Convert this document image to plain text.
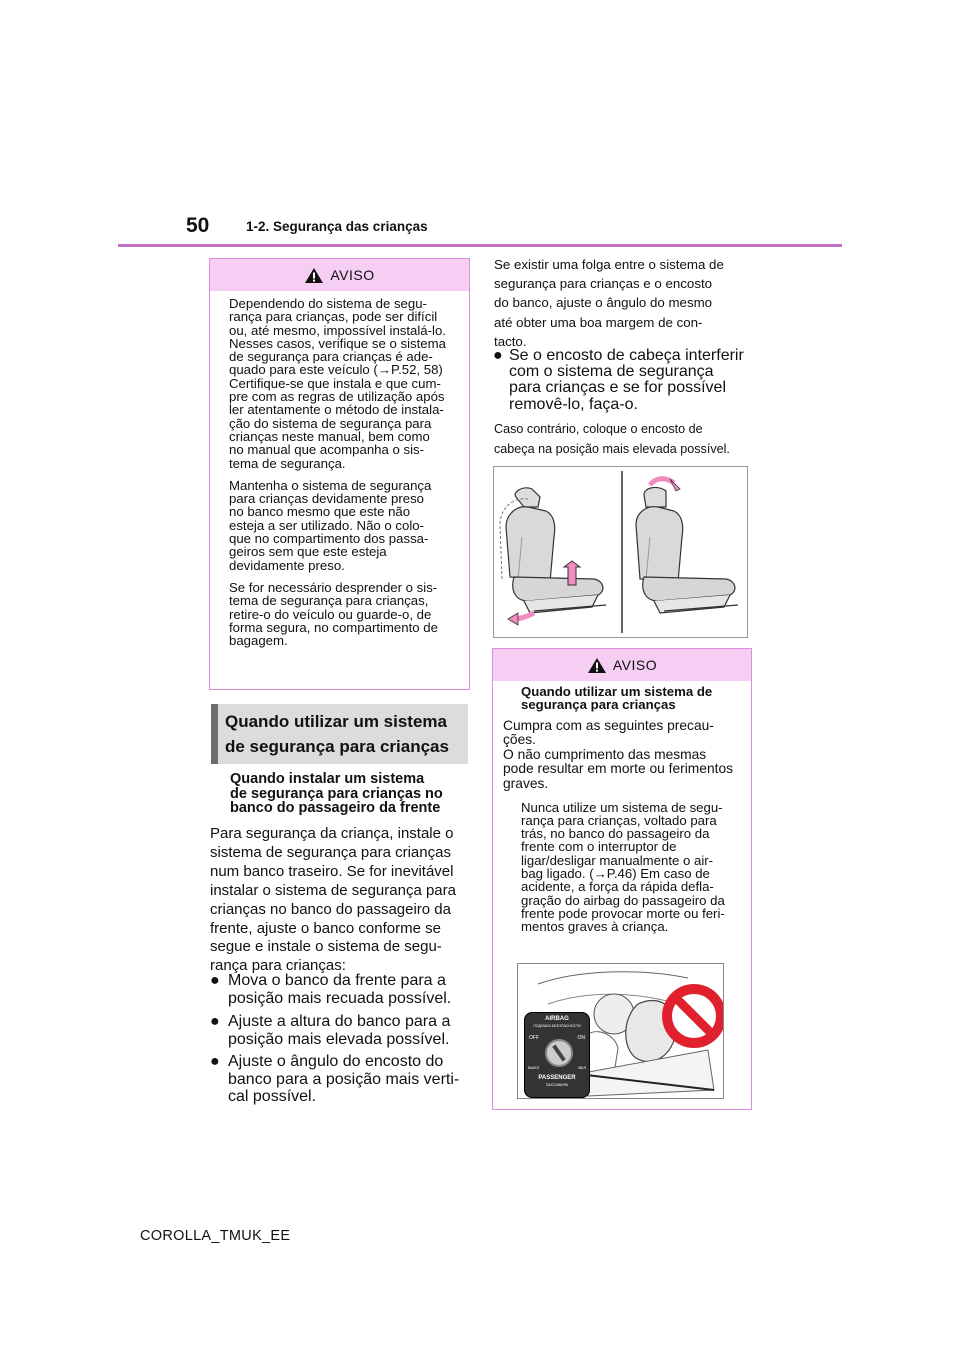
50	1-2. Segurança das crianças
AVISO

Dependendo do sistema de segu-
rança para crianças, pode ser difícil
ou, até mesmo, impossível instalá-lo.
Nesses casos, verifique se o sistema
de segurança para crianças é ade-
quado para este veículo (→P.52, 58)
Certifique-se que instala e que cum-
pre com as regras de utilização após
ler atentamente o método de instala-
ção do sistema de segurança para
crianças neste manual, bem como
no manual que acompanha o sis-
tema de segurança.

Mantenha o sistema de segurança
para crianças devidamente preso
no banco mesmo que este não
esteja a ser utilizado. Não o colo-
que no compartimento dos passa-
geiros sem que este esteja
devidamente preso.

Se for necessário desprender o sis-
tema de segurança para crianças,
retire-o do veículo ou guarde-o, de
forma segura, no compartimento de
bagagem.

Quando utilizar um sistema
de segurança para crianças
Quando instalar um sistema
de segurança para crianças no
banco do passageiro da frente
Para segurança da criança, instale o
sistema de segurança para crianças
num banco traseiro. Se for inevitável
instalar o sistema de segurança para
crianças no banco do passageiro da
frente, ajuste o banco conforme se
segue e instale o sistema de segu-
rança para crianças:
● Mova o banco da frente para a
posição mais recuada possível.
● Ajuste a altura do banco para a
posição mais elevada possível.
● Ajuste o ângulo do encosto do
banco para a posição mais verti-
cal possível.
Se existir uma folga entre o sistema de
segurança para crianças e o encosto
do banco, ajuste o ângulo do mesmo
até obter uma boa margem de con-
tacto.
● Se o encosto de cabeça interferir
com o sistema de segurança
para crianças e se for possível
removê-lo, faça-o.
Caso contrário, coloque o encosto de
cabeça na posição mais elevada possível.
AVISO

Quando utilizar um sistema de
segurança para crianças

Cumpra com as seguintes precau-
ções.
O não cumprimento das mesmas
pode resultar em morte ou ferimentos
graves.

Nunca utilize um sistema de segu-
rança para crianças, voltado para
trás, no banco do passageiro da
frente com o interruptor de
ligar/desligar manualmente o air-
bag ligado. (→P.46) Em caso de
acidente, a força da rápida defla-
gração do airbag do passageiro da
frente pode provocar morte ou feri-
mentos graves à criança.

AIRBAG
ПОДУШКА БЕЗОПАСНОСТИ
OFF	ON
ВЫКЛ	ВКЛ
PASSENGER
ПАССАЖИРА
COROLLA_TMUK_EE
